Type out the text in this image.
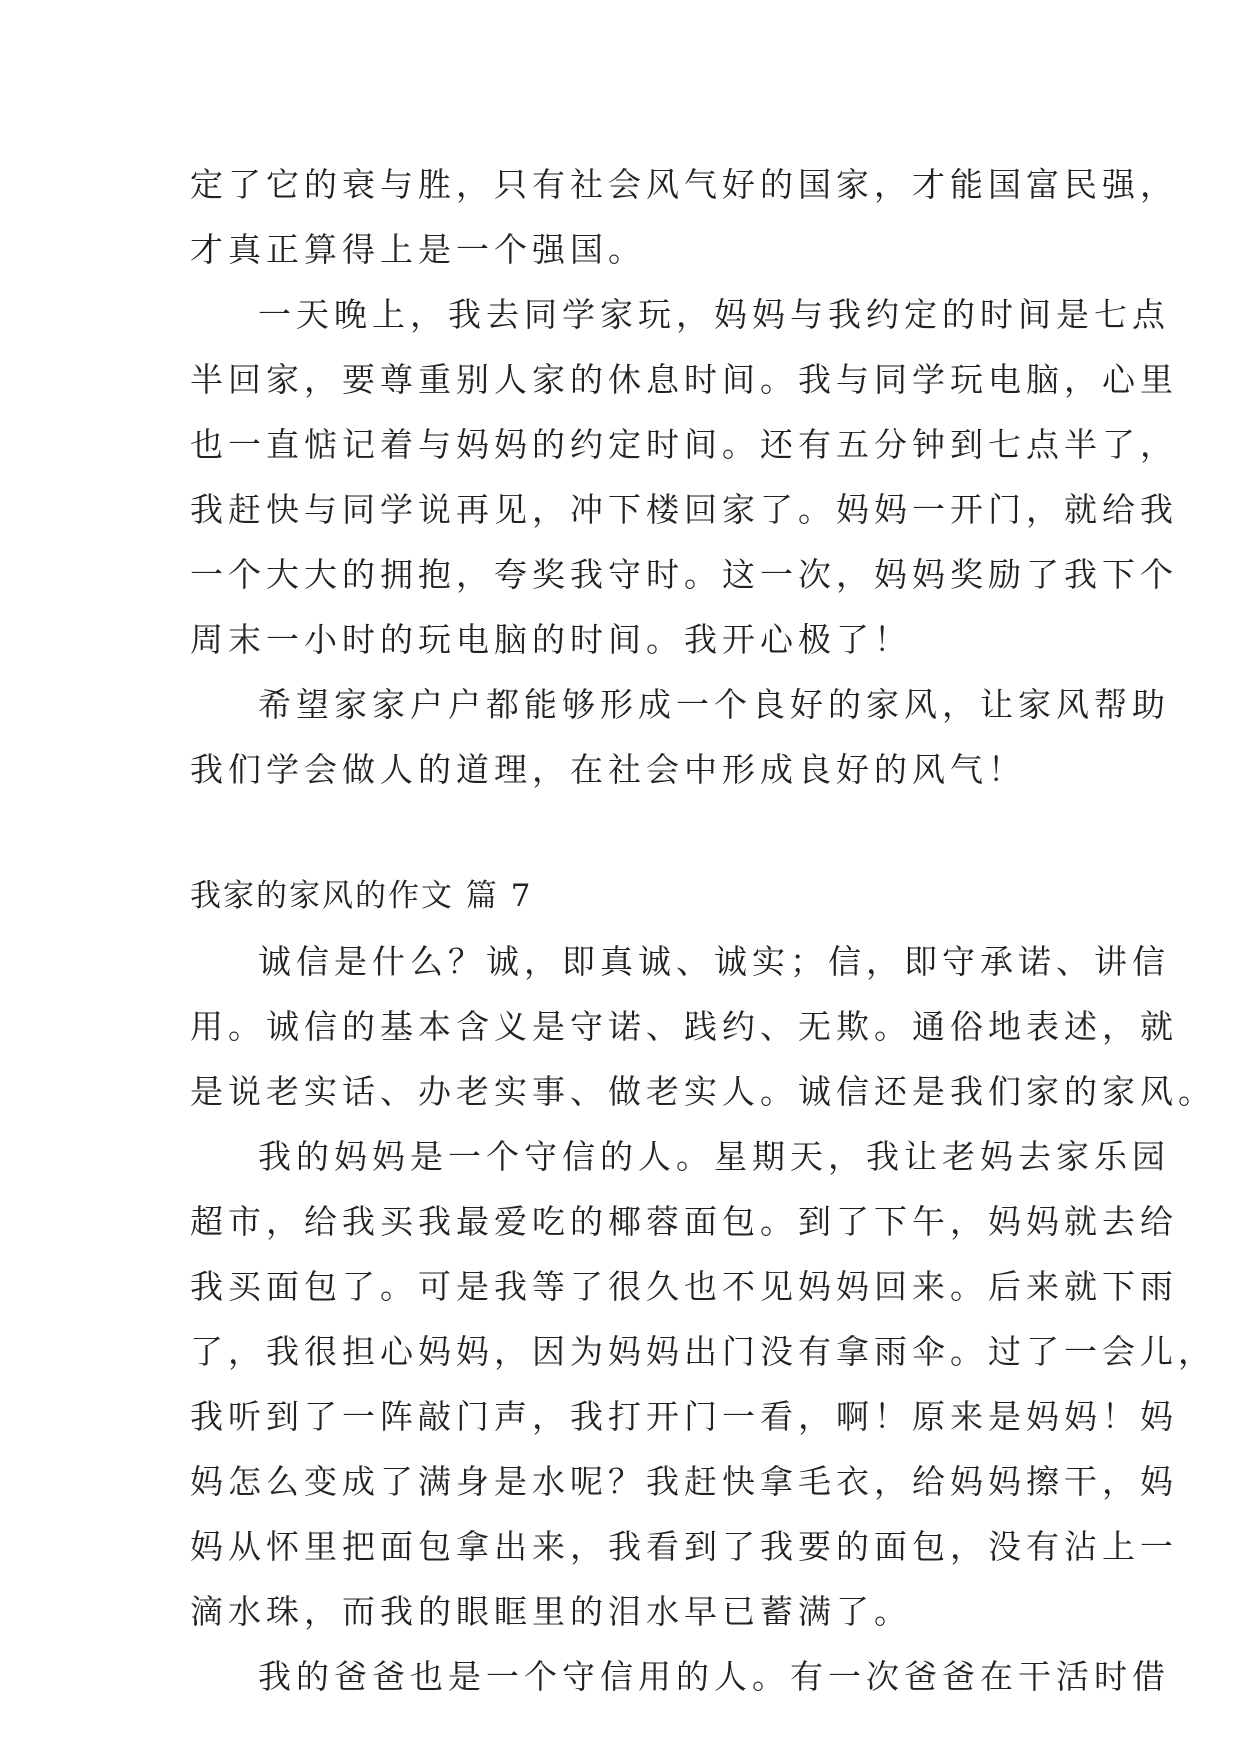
定了它的衰与胜，只有社会风气好的国家，才能国富民强，

才真正算得上是一个强国。

一天晚上，我去同学家玩，妈妈与我约定的时间是七点

半回家，要尊重别人家的休息时间。我与同学玩电脑，心里

也一直惦记着与妈妈的约定时间。还有五分钟到七点半了，

我赶快与同学说再见，冲下楼回家了。妈妈一开门，就给我

一个大大的拥抱，夸奖我守时。这一次，妈妈奖励了我下个

周末一小时的玩电脑的时间。我开心极了！

希望家家户户都能够形成一个良好的家风，让家风帮助

我们学会做人的道理，在社会中形成良好的风气！

我家的家风的作文 篇 7

诚信是什么？诚，即真诚、诚实；信，即守承诺、讲信

用。诚信的基本含义是守诺、践约、无欺。通俗地表述，就

是说老实话、办老实事、做老实人。诚信还是我们家的家风。

我的妈妈是一个守信的人。星期天，我让老妈去家乐园

超市，给我买我最爱吃的椰蓉面包。到了下午，妈妈就去给

我买面包了。可是我等了很久也不见妈妈回来。后来就下雨

了，我很担心妈妈，因为妈妈出门没有拿雨伞。过了一会儿，

我听到了一阵敲门声，我打开门一看，啊！原来是妈妈！妈

妈怎么变成了满身是水呢？我赶快拿毛衣，给妈妈擦干，妈

妈从怀里把面包拿出来，我看到了我要的面包，没有沾上一

滴水珠，而我的眼眶里的泪水早已蓄满了。

我的爸爸也是一个守信用的人。有一次爸爸在干活时借
